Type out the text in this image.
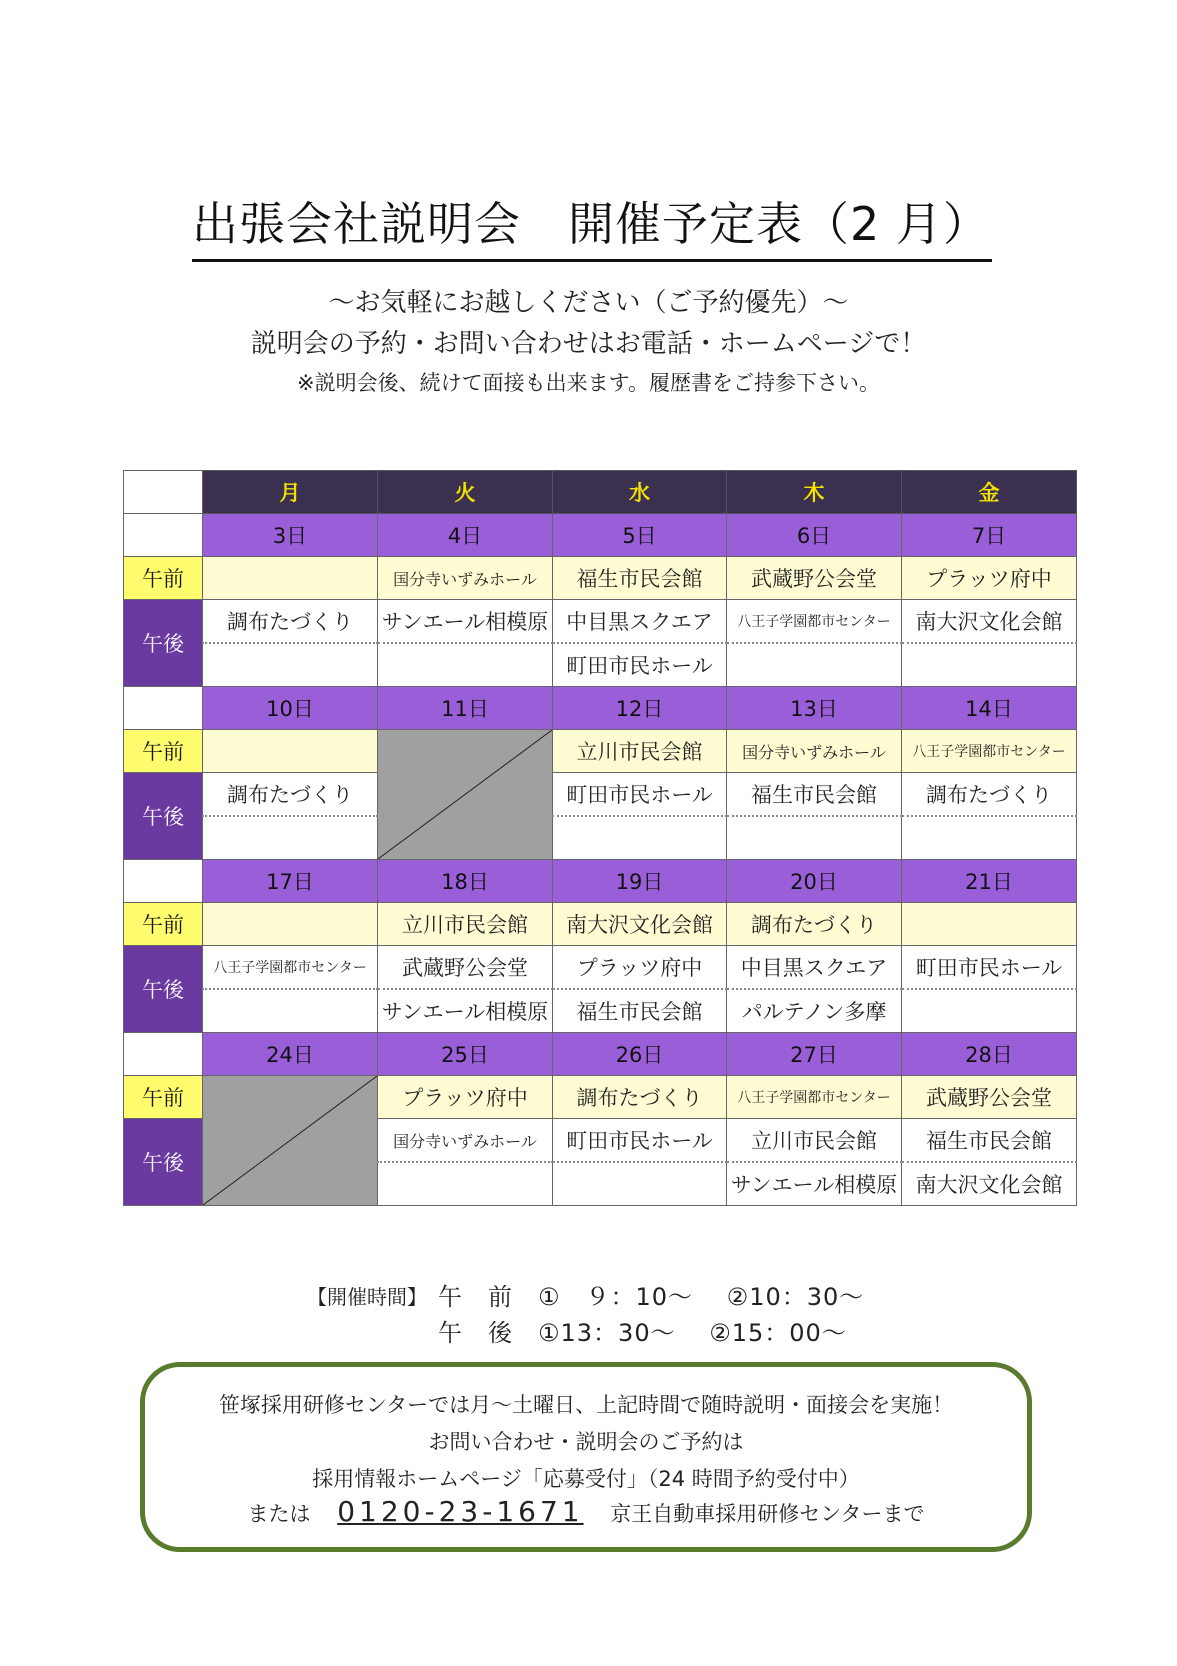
出張会社説明会　開催予定表（2 月）
～お気軽にお越しください（ご予約優先）～
説明会の予約・お問い合わせはお電話・ホームページで！
※説明会後、続けて面接も出来ます。履歴書をご持参下さい。
	月	火	水	木	金
	3日	4日	5日	6日	7日
午前		国分寺いずみホール	福生市民会館	武蔵野公会堂	プラッツ府中
午後	調布たづくり	サンエール相模原	中目黒スクエア	八王子学園都市センター	南大沢文化会館
			町田市民ホール		
	10日	11日	12日	13日	14日
午前			立川市民会館	国分寺いずみホール	八王子学園都市センター
午後	調布たづくり		町田市民ホール	福生市民会館	調布たづくり

	17日	18日	19日	20日	21日
午前		立川市民会館	南大沢文化会館	調布たづくり	
午後	八王子学園都市センター	武蔵野公会堂	プラッツ府中	中目黒スクエア	町田市民ホール
		サンエール相模原	福生市民会館	パルテノン多摩	
	24日	25日	26日	27日	28日
午前		プラッツ府中	調布たづくり	八王子学園都市センター	武蔵野公会堂
午後		国分寺いずみホール	町田市民ホール	立川市民会館	福生市民会館
				サンエール相模原	南大沢文化会館
【開催時間】 午　前　①　９：10～　 ②10：30～
午　後　①13：30～　 ②15：00～

笹塚採用研修センターでは月～土曜日、上記時間で随時説明・面接会を実施！

お問い合わせ・説明会のご予約は

採用情報ホームページ「応募受付」（24 時間予約受付中）

または 0120-23-1671 京王自動車採用研修センターまで
